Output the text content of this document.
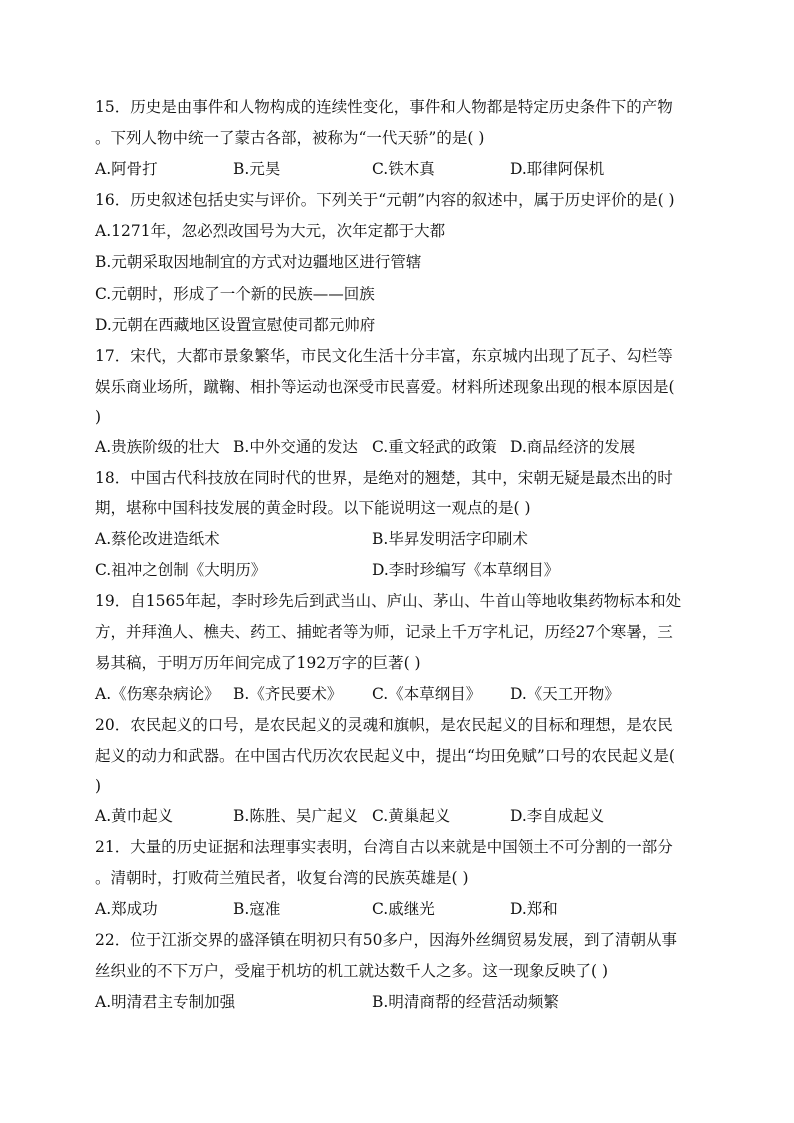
15．历史是由事件和人物构成的连续性变化，事件和人物都是特定历史条件下的产物
。下列人物中统一了蒙古各部，被称为“一代天骄”的是( )
A.阿骨打	B.元昊	C.铁木真	D.耶律阿保机
16．历史叙述包括史实与评价。下列关于“元朝”内容的叙述中，属于历史评价的是( )
A.1271年，忽必烈改国号为大元，次年定都于大都
B.元朝采取因地制宜的方式对边疆地区进行管辖
C.元朝时，形成了一个新的民族——回族
D.元朝在西藏地区设置宣慰使司都元帅府
17．宋代，大都市景象繁华，市民文化生活十分丰富，东京城内出现了瓦子、勾栏等
娱乐商业场所，蹴鞠、相扑等运动也深受市民喜爱。材料所述现象出现的根本原因是(
)
A.贵族阶级的壮大 B.中外交通的发达 C.重文轻武的政策 D.商品经济的发展
18．中国古代科技放在同时代的世界，是绝对的翘楚，其中，宋朝无疑是最杰出的时
期，堪称中国科技发展的黄金时段。以下能说明这一观点的是( )
A.蔡伦改进造纸术	B.毕昇发明活字印刷术
C.祖冲之创制《大明历》	D.李时珍编写《本草纲目》
19．自1565年起，李时珍先后到武当山、庐山、茅山、牛首山等地收集药物标本和处
方，并拜渔人、樵夫、药工、捕蛇者等为师，记录上千万字札记，历经27个寒暑，三
易其稿，于明万历年间完成了192万字的巨著( )
A.《伤寒杂病论》 B.《齐民要术》 C.《本草纲目》 D.《天工开物》
20．农民起义的口号，是农民起义的灵魂和旗帜，是农民起义的目标和理想，是农民
起义的动力和武器。在中国古代历次农民起义中，提出“均田免赋”口号的农民起义是(
)
A.黄巾起义	B.陈胜、吴广起义 C.黄巢起义	D.李自成起义
21．大量的历史证据和法理事实表明，台湾自古以来就是中国领土不可分割的一部分
。清朝时，打败荷兰殖民者，收复台湾的民族英雄是( )
A.郑成功	B.寇准	C.戚继光	D.郑和
22．位于江浙交界的盛泽镇在明初只有50多户，因海外丝绸贸易发展，到了清朝从事
丝织业的不下万户，受雇于机坊的机工就达数千人之多。这一现象反映了( )
A.明清君主专制加强	B.明清商帮的经营活动频繁
